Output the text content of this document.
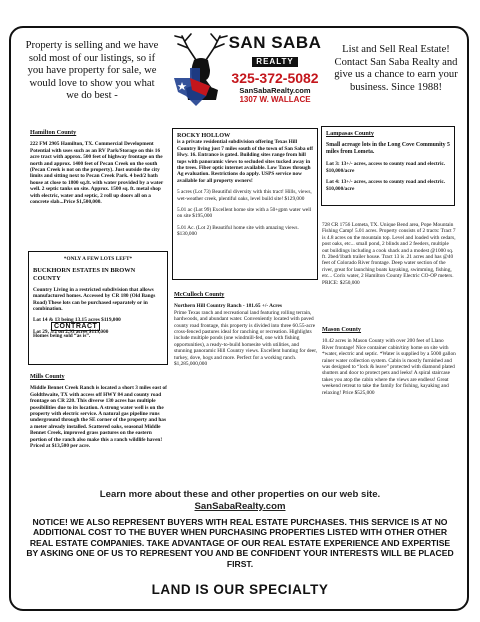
Property is selling and we have sold most of our listings, so if you have property for sale, we would love to show you what we do best -
SAN SABA
REALTY
325-372-5082
SanSabaRealty.com
1307 W. WALLACE
List and Sell Real Estate! Contact San Saba Realty and give us a chance to earn your business. Since 1988!
Hamilton County

222 FM 2905 Hamilton, TX. Commercial Development Potential with uses such as an RV Park/Storage on this 16 acre tract with approx. 500 feet of highway frontage on the north and approx. 1400 feet of Pecan Creek on the south (Pecan Creek is not on the property). Just outside the city limits and sitting next to Pecan Creek Park. 4 bed/2 bath house at close to 1800 sq.ft. with water provided by a water well. 2 septic tanks on site. Approx. 1500 sq. ft. metal shop with electric, water and septic, 2 roll up doors all on a concrete slab...Price $1,500,000.

*ONLY A FEW LOTS LEFT*

BUCKHORN ESTATES IN BROWN COUNTY

Country Living in a restricted subdivision that allows manufactured homes. Accessed by CR 180 (Old Bangs Road) These lots can be purchased separately or in combination.

Lot 14 & 13 being 13.15 acres $119,000

Lot 29, 3/2 on 2.93 acres $119,000

CONTRACT

Homes being sold “as is”.

Mills County

Middle Bennet Creek Ranch is located a short 3 miles east of Goldthwaite, TX with access off HWY 84 and county road frontage on CR 220. This diverse 130 acres has multiple possibilities due to its location. A strong water well is on the property with electric service. A natural gas pipeline runs underground through the SE corner of the property and has a meter already installed. Scattered oaks, seasonal Middle Bennet Creek, improved grass pastures on the eastern portion of the ranch also make this a ranch wildlife haven! Priced at $13,500 per acre.

ROCKY HOLLOW

is a private residential subdivision offering Texas Hill Country living just 7 miles south of the town of San Saba off Hwy. 16. Entrance is gated. Building sites range from hill tops with panoramic views to secluded sites tucked away in the trees. Fiber optic internet available. Low Taxes through Ag evaluation. Restrictions do apply. USPS service now available for all property owners!

5 acres (Lot 73) Beautiful diversity with this tract! Hills, views, wet-weather creek, plentiful oaks, level build site! $129,000

5.01 ac (Lot 99) Excellent home site with a 50+gpm water well on site $195,000

5.01 Ac. (Lot 2) Beautiful home site with amazing views. $130,000

McCulloch County

Northern Hill Country Ranch - 181.65 +/- Acres

Prime Texas ranch and recreational land featuring rolling terrain, hardwoods, and abundant water. Conveniently located with paved county road frontage, this property is divided into three 60.55-acre cross-fenced pastures ideal for ranching or recreation. Highlights include multiple ponds (one windmill-fed, one with fishing opportunities), a ready-to-build homesite with utilities, and stunning panoramic Hill Country views. Excellent hunting for deer, turkey, dove, hogs and more. Perfect for a working ranch. $1,285,000,000

Lampasas County

Small acreage lots in the Long Cove Community 5 miles from Lometa.

Lot 3: 13+/- acres, access to county road and electric. $10,000/acre

Lot 4: 13+/- acres, access to county road and electric. $10,000/acre

728 CR 1756 Lometa, TX. Unique Bend area, Pope Mountain Fishing Camp! 5.01 acres. Property consists of 2 tracts: Tract 7 is 4.8 acres on the mountain top. Level and loaded with cedars, post oaks, etc... small pond, 2 blinds and 2 feeders, multiple out buildings including a cook shack and a modest @1000 sq. ft. 2bed/1bath trailer house. Tract 13 is .21 acres and has @40 feet of Colorado River frontage. Deep water section of the river, great for launching boats kayaking, swimming, fishing, etc... Corix water, 2 Hamilton County Electric CO-OP meters. PRICE: $250,000

Mason County

10.42 acres in Mason County with over 200 feet of Llano River frontage! Nice container cabin/tiny home on site with *water, electric and septic. *Water is supplied by a 5000 gallon rainer water collection system. Cabin is mostly furnished and was designed to “lock & leave” protected with diamond plated shutters and door to protect pets and leeks! A spiral staircase takes you atop the cabin where the views are endless! Great weekend retreat to take the family for fishing, kayaking and relaxing! Price $525,000

Learn more about these and other properties on our web site.
SanSabaRealty.com
NOTICE! WE ALSO REPRESENT BUYERS WITH REAL ESTATE PURCHASES. THIS SERVICE IS AT NO ADDITIONAL COST TO THE BUYER WHEN PURCHASING PROPERTIES LISTED WITH OTHER OTHER REAL ESTATE COMPANIES. TAKE ADVANTAGE OF OUR REAL ESTATE EXPERIENCE AND EXPERTISE BY ASKING ONE OF US TO REPRESENT YOU AND BE CONFIDENT YOUR INTERESTS WILL BE PLACED FIRST.
LAND IS OUR SPECIALTY
